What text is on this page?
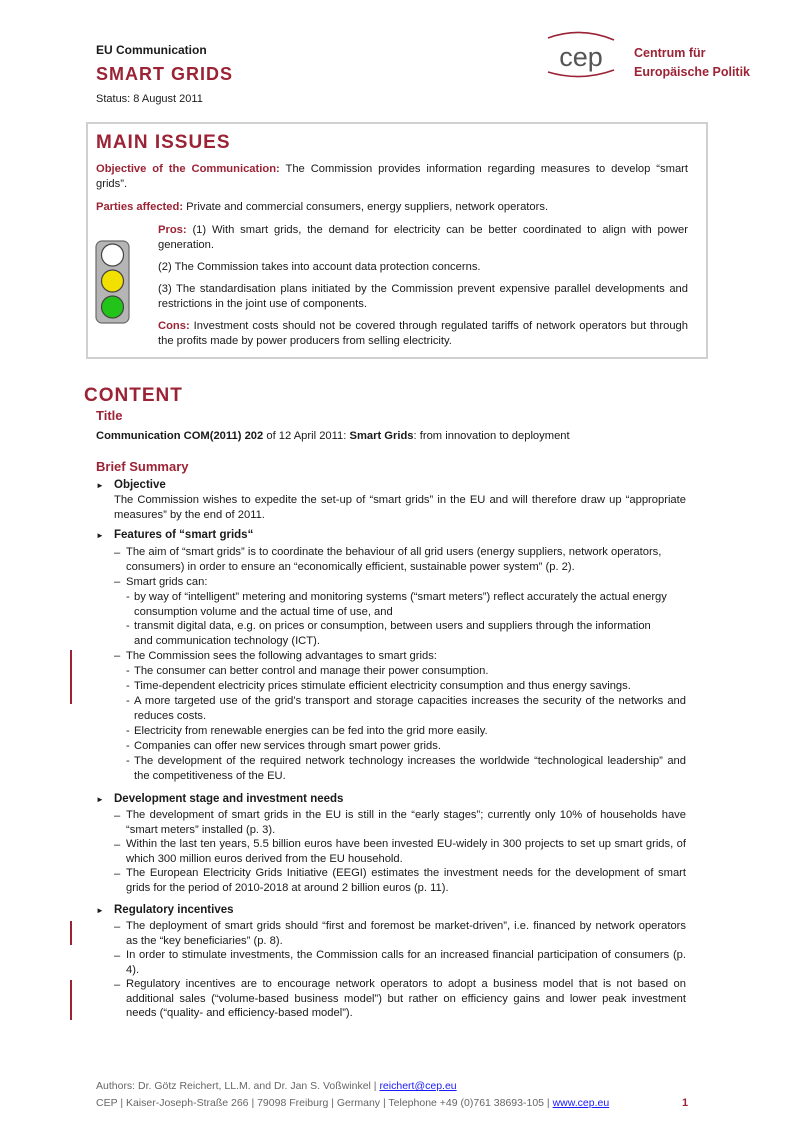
EU Communication
SMART GRIDS
Status: 8 August 2011
cep Centrum für
Europäische Politik
MAIN ISSUES
Objective of the Communication: The Commission provides information regarding measures to develop “smart grids”.
Parties affected: Private and commercial consumers, energy suppliers, network operators.
Pros: (1) With smart grids, the demand for electricity can be better coordinated to align with power generation.
(2) The Commission takes into account data protection concerns.
(3) The standardisation plans initiated by the Commission prevent expensive parallel developments and restrictions in the joint use of components.
Cons: Investment costs should not be covered through regulated tariffs of network operators but through the profits made by power producers from selling electricity.
CONTENT
Title
Communication COM(2011) 202 of 12 April 2011: Smart Grids: from innovation to deployment
Brief Summary
► Objective
The Commission wishes to expedite the set-up of “smart grids” in the EU and will therefore draw up “appropriate measures” by the end of 2011.
► Features of “smart grids“
– The aim of “smart grids” is to coordinate the behaviour of all grid users (energy suppliers, network operators, consumers) in order to ensure an “economically efficient, sustainable power system” (p. 2).
– Smart grids can:
- by way of “intelligent” metering and monitoring systems (“smart meters”) reflect accurately the actual energy consumption volume and the actual time of use, and
- transmit digital data, e.g. on prices or consumption, between users and suppliers through the information and communication technology (ICT).
– The Commission sees the following advantages to smart grids:
- The consumer can better control and manage their power consumption.
- Time-dependent electricity prices stimulate efficient electricity consumption and thus energy savings.
- A more targeted use of the grid’s transport and storage capacities increases the security of the networks and reduces costs.
- Electricity from renewable energies can be fed into the grid more easily.
- Companies can offer new services through smart power grids.
- The development of the required network technology increases the worldwide “technological leadership” and the competitiveness of the EU.
► Development stage and investment needs
– The development of smart grids in the EU is still in the “early stages”; currently only 10% of households have “smart meters” installed (p. 3).
– Within the last ten years, 5.5 billion euros have been invested EU-widely in 300 projects to set up smart grids, of which 300 million euros derived from the EU household.
– The European Electricity Grids Initiative (EEGI) estimates the investment needs for the development of smart grids for the period of 2010-2018 at around 2 billion euros (p. 11).
► Regulatory incentives
– The deployment of smart grids should “first and foremost be market-driven”, i.e. financed by network operators as the “key beneficiaries” (p. 8).
– In order to stimulate investments, the Commission calls for an increased financial participation of consumers (p. 4).
– Regulatory incentives are to encourage network operators to adopt a business model that is not based on additional sales (“volume-based business model”) but rather on efficiency gains and lower peak investment needs (“quality- and efficiency-based model”).
Authors: Dr. Götz Reichert, LL.M. and Dr. Jan S. Voßwinkel | reichert@cep.eu
CEP | Kaiser-Joseph-Straße 266 | 79098 Freiburg | Germany | Telephone +49 (0)761 38693-105 | www.cep.eu	1
